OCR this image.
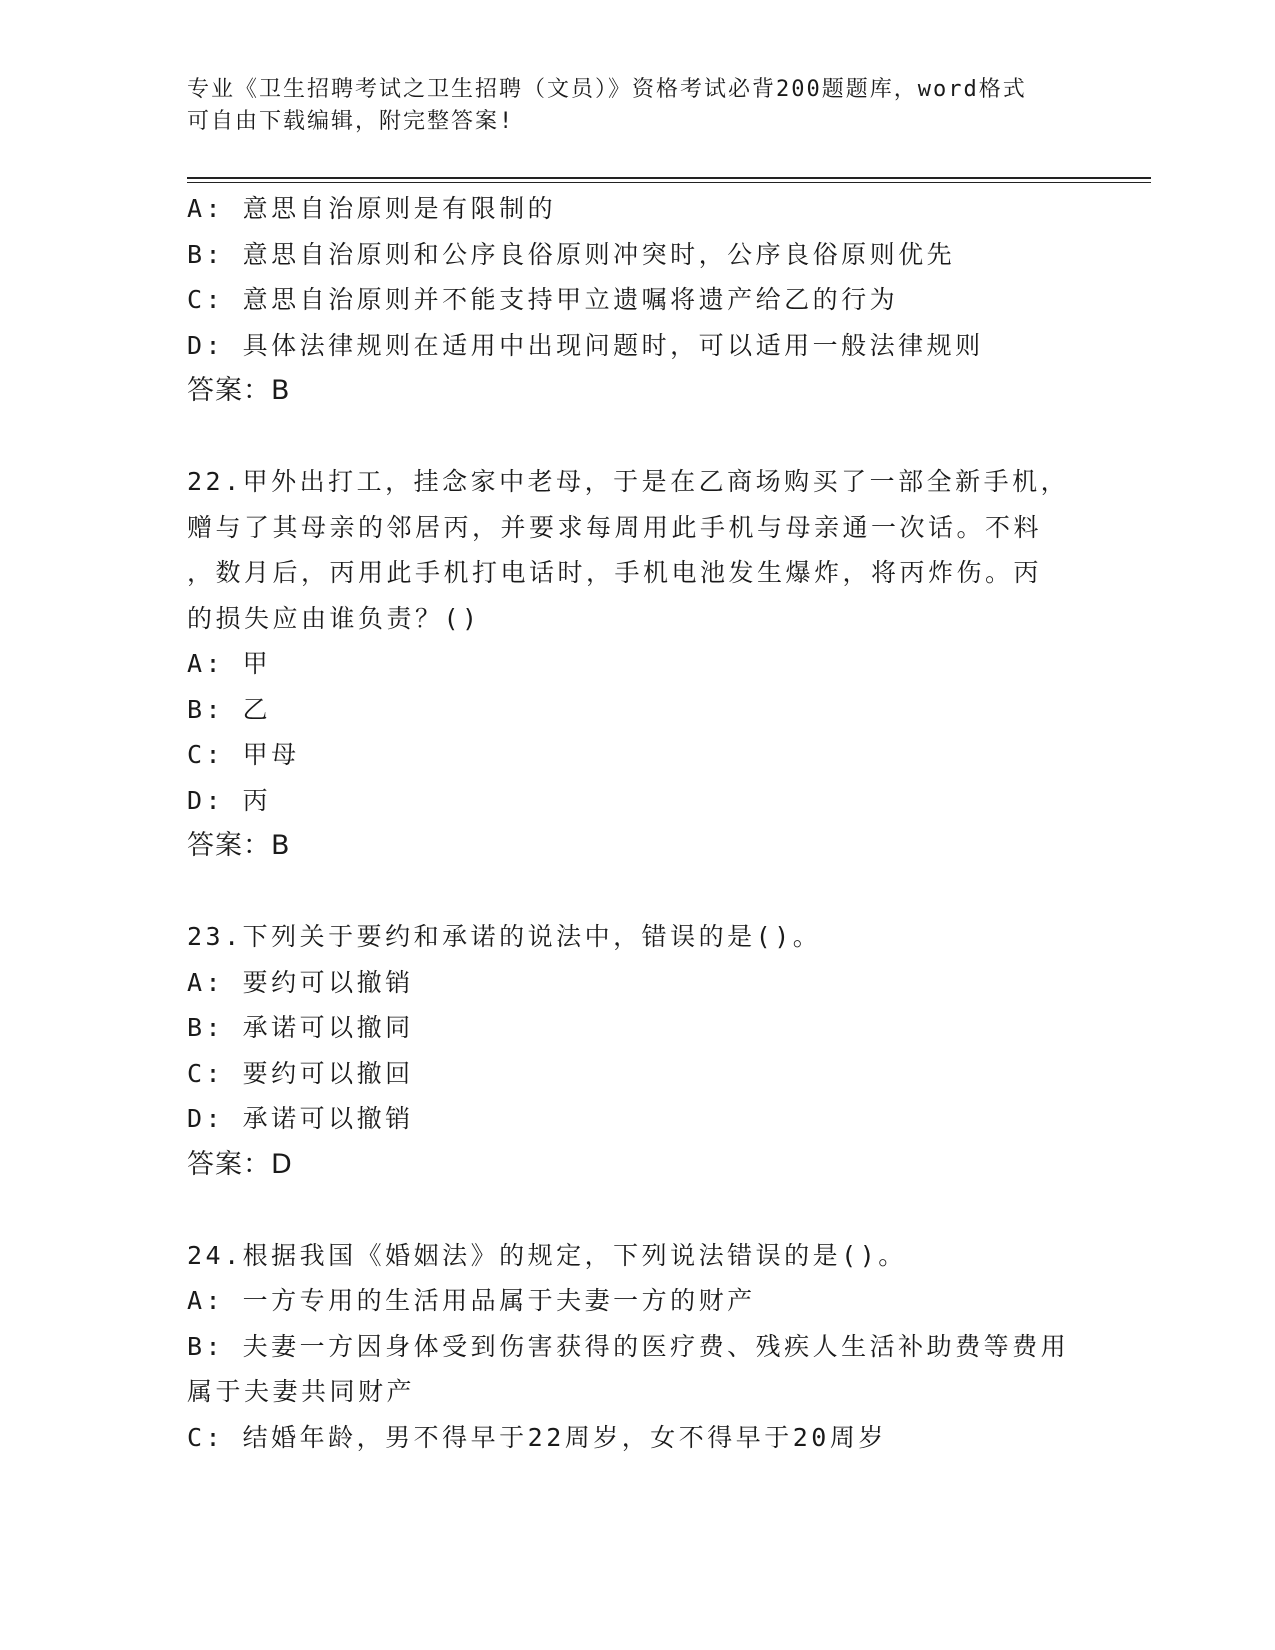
专业《卫生招聘考试之卫生招聘（文员）》资格考试必背200题题库，word格式
可自由下载编辑，附完整答案!
A: 意思自治原则是有限制的
B: 意思自治原则和公序良俗原则冲突时，公序良俗原则优先
C: 意思自治原则并不能支持甲立遗嘱将遗产给乙的行为
D: 具体法律规则在适用中出现问题时，可以适用一般法律规则
答案：B
22.甲外出打工，挂念家中老母，于是在乙商场购买了一部全新手机，
赠与了其母亲的邻居丙，并要求每周用此手机与母亲通一次话。不料
，数月后，丙用此手机打电话时，手机电池发生爆炸，将丙炸伤。丙
的损失应由谁负责？()
A: 甲
B: 乙
C: 甲母
D: 丙
答案：B
23.下列关于要约和承诺的说法中，错误的是()。
A: 要约可以撤销
B: 承诺可以撤同
C: 要约可以撤回
D: 承诺可以撤销
答案：D
24.根据我国《婚姻法》的规定，下列说法错误的是()。
A: 一方专用的生活用品属于夫妻一方的财产
B: 夫妻一方因身体受到伤害获得的医疗费、残疾人生活补助费等费用
属于夫妻共同财产
C: 结婚年龄，男不得早于22周岁，女不得早于20周岁
